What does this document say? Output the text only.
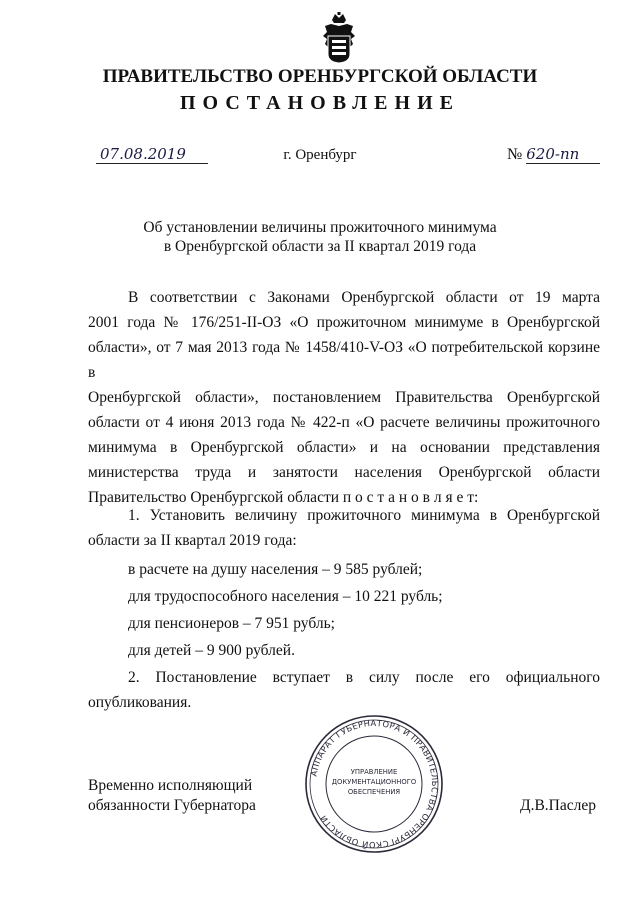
ПРАВИТЕЛЬСТВО ОРЕНБУРГСКОЙ ОБЛАСТИ
ПОСТАНОВЛЕНИЕ
07.08.2019	г. Оренбург	№ 620-пп
Об установлении величины прожиточного минимума
в Оренбургской области за II квартал 2019 года
В соответствии с Законами Оренбургской области от 19 марта
2001 года № 176/251-II-ОЗ «О прожиточном минимуме в Оренбургской
области», от 7 мая 2013 года № 1458/410-V-ОЗ «О потребительской корзине в
Оренбургской области», постановлением Правительства Оренбургской
области от 4 июня 2013 года № 422-п «О расчете величины прожиточного
минимума в Оренбургской области» и на основании представления
министерства труда и занятости населения Оренбургской области
Правительство Оренбургской области п о с т а н о в л я е т:
1. Установить величину прожиточного минимума в Оренбургской
области за II квартал 2019 года:
в расчете на душу населения – 9 585 рублей;
для трудоспособного населения – 10 221 рубль;
для пенсионеров – 7 951 рубль;
для детей – 9 900 рублей.
2. Постановление вступает в силу после его официального
опубликования.
Временно исполняющий
обязанности Губернатора	Д.В.Паслер
АППАРАТ ГУБЕРНАТОРА И ПРАВИТЕЛЬСТВА ОРЕНБУРГСКОЙ ОБЛАСТИ
УПРАВЛЕНИЕ
ДОКУМЕНТАЦИОННОГО
ОБЕСПЕЧЕНИЯ
